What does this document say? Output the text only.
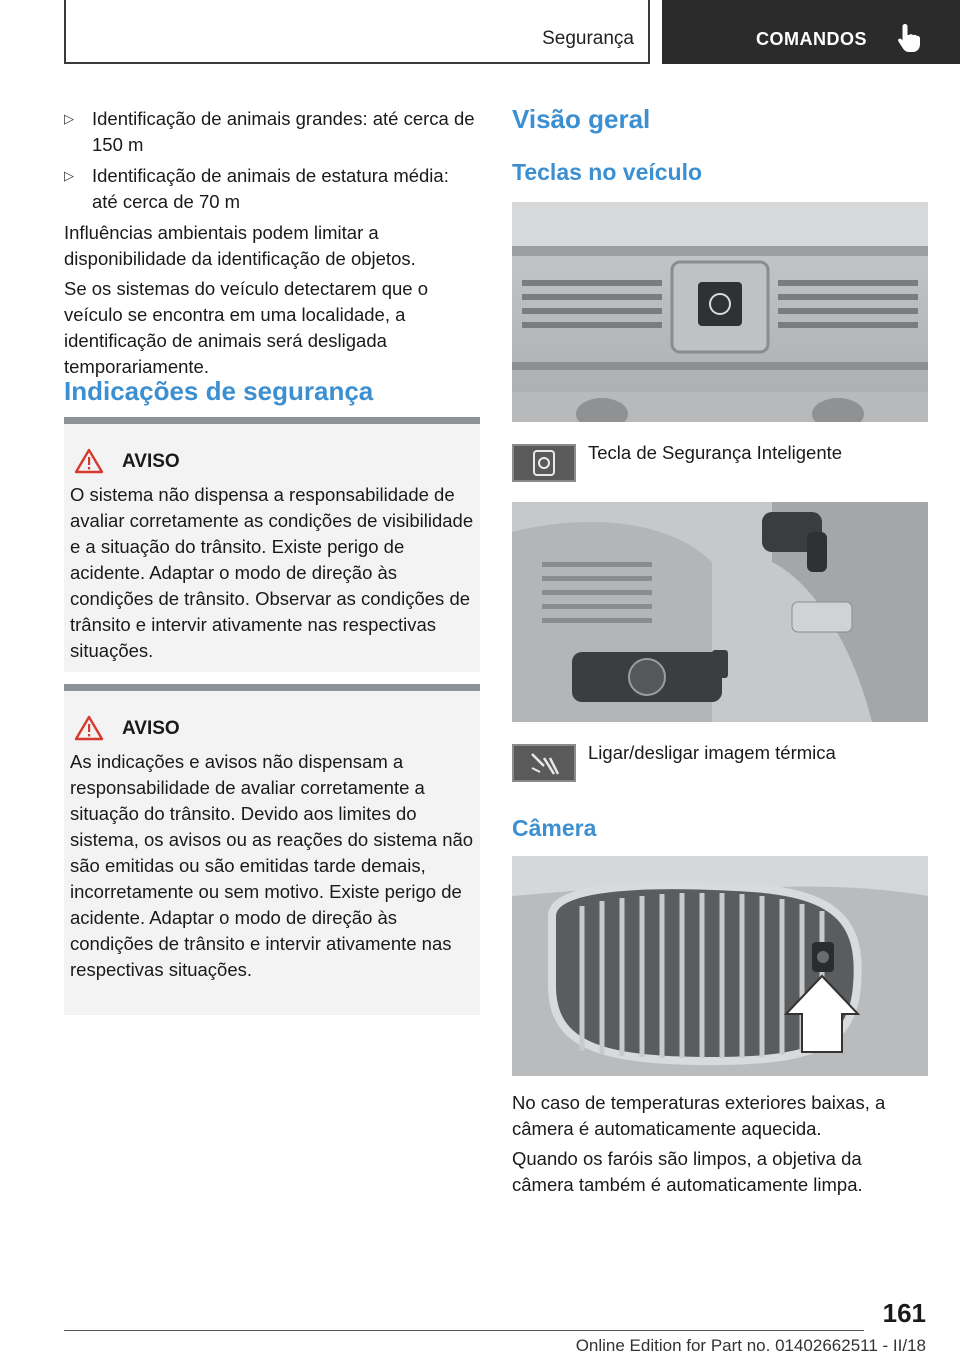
Segurança	COMANDOS
▷ Identificação de animais grandes: até cerca de 150 m
▷ Identificação de animais de estatura média: até cerca de 70 m

Influências ambientais podem limitar a disponibilidade da identificação de objetos.

Se os sistemas do veículo detectarem que o veículo se encontra em uma localidade, a identificação de animais será desligada temporariamente.

Indicações de segurança
AVISO

O sistema não dispensa a responsabilidade de avaliar corretamente as condições de visibilidade e a situação do trânsito. Existe perigo de acidente. Adaptar o modo de direção às condições de trânsito. Observar as condições de trânsito e intervir ativamente nas respectivas situações.

AVISO

As indicações e avisos não dispensam a responsabilidade de avaliar corretamente a situação do trânsito. Devido aos limites do sistema, os avisos ou as reações do sistema não são emitidas ou são emitidas tarde demais, incorretamente ou sem motivo. Existe perigo de acidente. Adaptar o modo de direção às condições de trânsito e intervir ativamente nas respectivas situações.

Visão geral
Teclas no veículo
Tecla de Segurança Inteligente
Ligar/desligar imagem térmica
Câmera

No caso de temperaturas exteriores baixas, a câmera é automaticamente aquecida.

Quando os faróis são limpos, a objetiva da câmera também é automaticamente limpa.

161
Online Edition for Part no. 01402662511 - II/18
